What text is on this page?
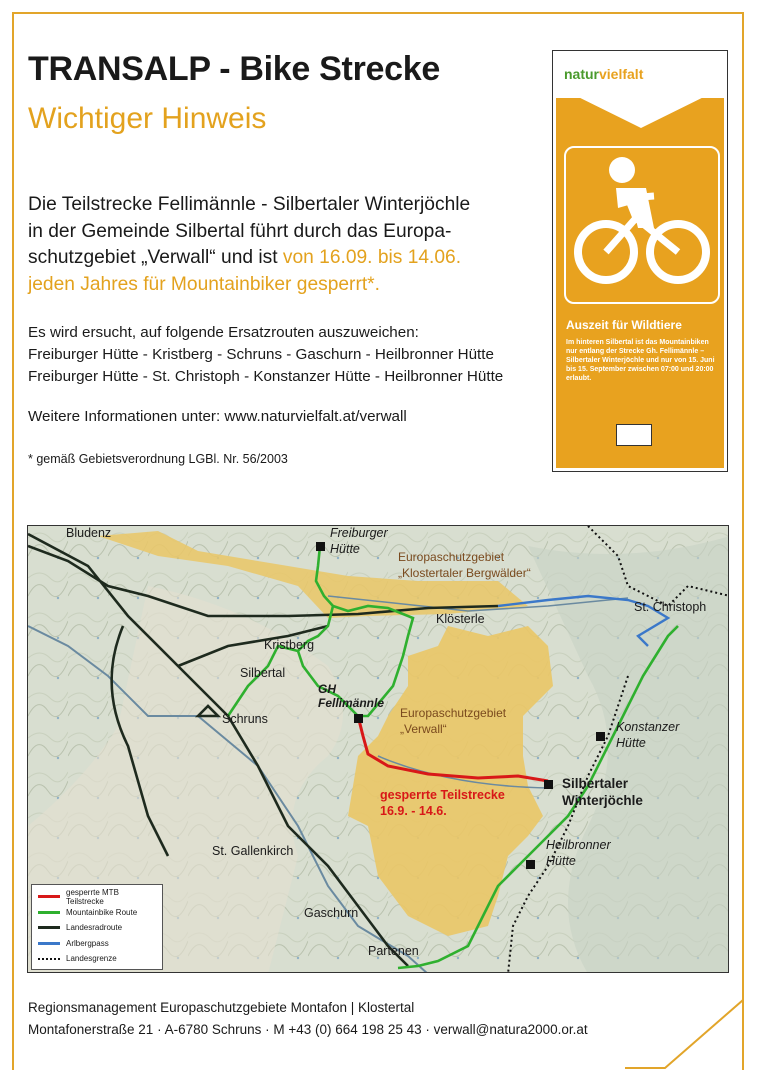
TRANSALP - Bike Strecke
Wichtiger Hinweis
Die Teilstrecke Fellimännle - Silbertaler Winterjöchle
in der Gemeinde Silbertal führt durch das Europa-
schutzgebiet „Verwall“ und ist von 16.09. bis 14.06.
jeden Jahres für Mountainbiker gesperrt*.
Es wird ersucht, auf folgende Ersatzrouten auszuweichen:
Freiburger Hütte - Kristberg - Schruns - Gaschurn - Heilbronner Hütte
Freiburger Hütte - St. Christoph - Konstanzer Hütte - Heilbronner Hütte
Weitere Informationen unter: www.naturvielfalt.at/verwall
* gemäß Gebietsverordnung LGBl. Nr. 56/2003
naturvielfalt
Auszeit für Wildtiere
Im hinteren Silbertal ist das Mountainbiken nur entlang der Strecke Gh. Fellimännle – Silbertaler Winterjöchle und nur von 15. Juni bis 15. September zwischen 07:00 und 20:00 erlaubt.
Bludenz	Freiburger
Hütte
Europaschutzgebiet
„Klostertaler Bergwälder“
Klösterle
St. Christoph
Kristberg
Silbertal
GH
Fellimännle
Europaschutzgebiet
„Verwall“
Schruns
Konstanzer
Hütte
gesperrte Teilstrecke
16.9. - 14.6.
Silbertaler
Winterjöchle
St. Gallenkirch	Heilbronner
Hütte
Gaschurn
Partenen
gesperrte MTB Teilstrecke
Mountainbike Route
Landesradroute
Arlbergpass
Landesgrenze
Regionsmanagement Europaschutzgebiete Montafon | Klostertal
Montafonerstraße 21 · A-6780 Schruns · M +43 (0) 664 198 25 43 · verwall@natura2000.or.at
